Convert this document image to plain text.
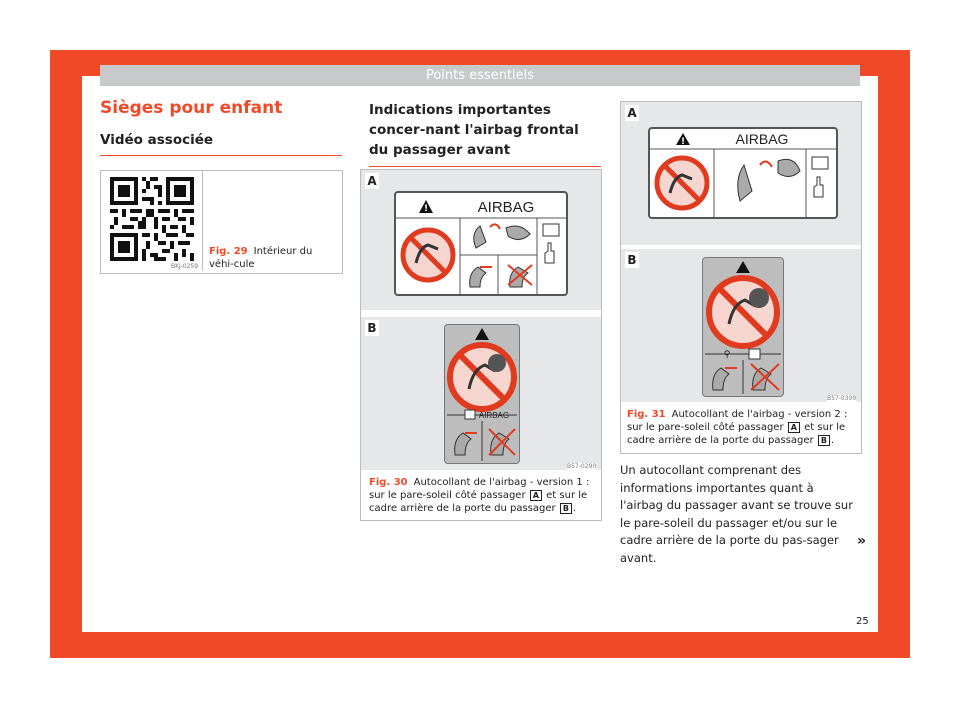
Points essentiels
Sièges pour enfant
Vidéo associée
BKJ-0259
Fig. 29 Intérieur du véhi-cule
Indications importantes concer-nant l'airbag frontal du passager avant
A
!	AIRBAG
B
AIRBAG
B57-0290
Fig. 30 Autocollant de l'airbag - version 1 : sur le pare-soleil côté passager A et sur le cadre arrière de la porte du passager B .
A
!	AIRBAG
B
⚲
B57-0300
Fig. 31 Autocollant de l'airbag - version 2 : sur le pare-soleil côté passager A et sur le cadre arrière de la porte du passager B .
Un autocollant comprenant des informations importantes quant à l'airbag du passager avant se trouve sur le pare-soleil du passager et/ou sur le cadre arrière de la porte du pas-sager avant.
»
25
